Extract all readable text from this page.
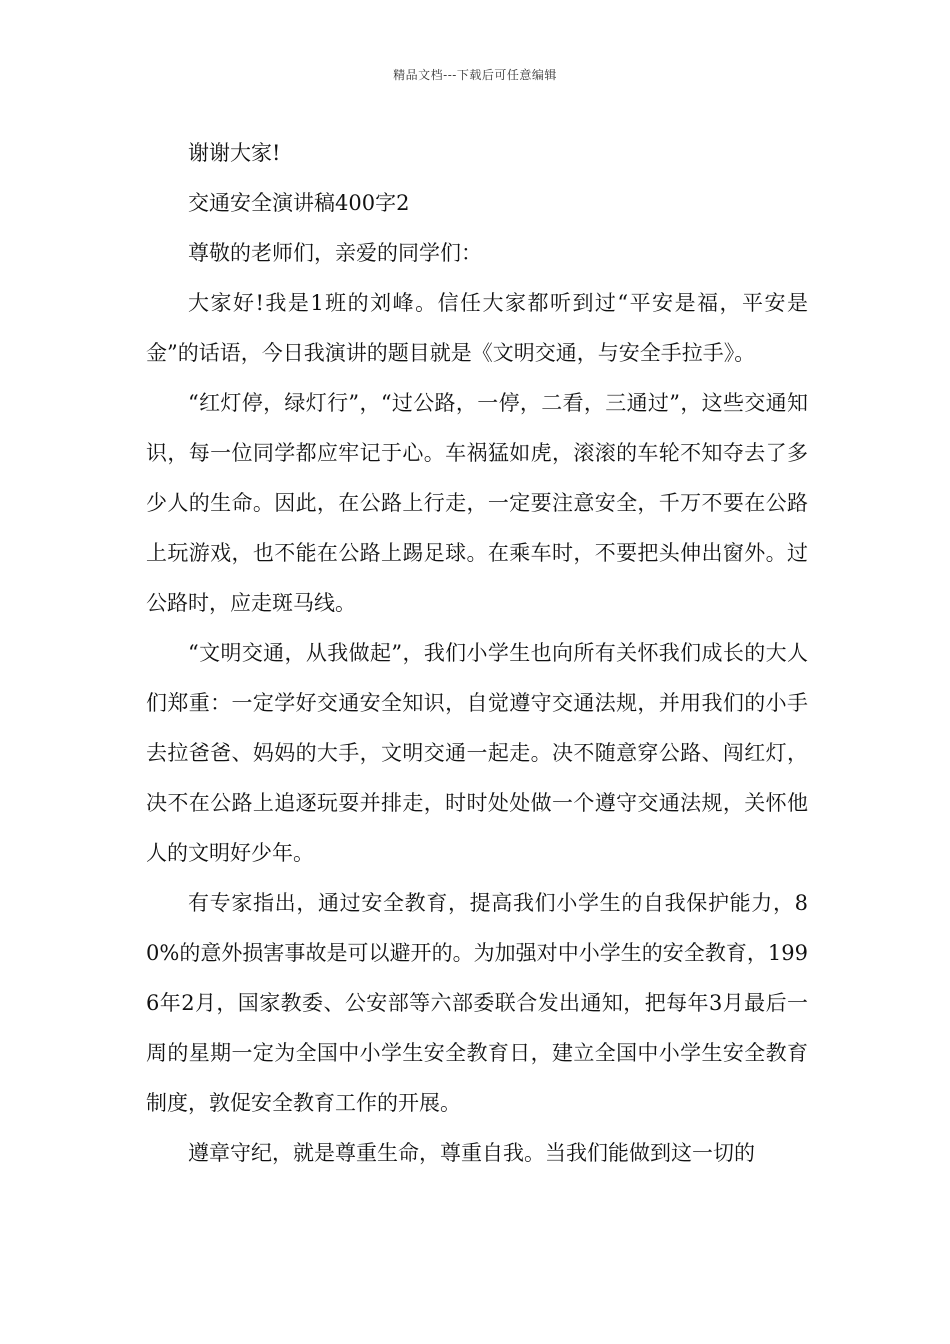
精品文档---下载后可任意编辑

谢谢大家!

交通安全演讲稿400字2

尊敬的老师们，亲爱的同学们：

大家好!我是1班的刘峰。信任大家都听到过“平安是福，平安是金”的话语，今日我演讲的题目就是《文明交通，与安全手拉手》。

“红灯停，绿灯行”，“过公路，一停，二看，三通过”，这些交通知识，每一位同学都应牢记于心。车祸猛如虎，滚滚的车轮不知夺去了多少人的生命。因此，在公路上行走，一定要注意安全，千万不要在公路上玩游戏，也不能在公路上踢足球。在乘车时，不要把头伸出窗外。过公路时，应走斑马线。

“文明交通，从我做起”，我们小学生也向所有关怀我们成长的大人们郑重：一定学好交通安全知识，自觉遵守交通法规，并用我们的小手去拉爸爸、妈妈的大手，文明交通一起走。决不随意穿公路、闯红灯，决不在公路上追逐玩耍并排走，时时处处做一个遵守交通法规，关怀他人的文明好少年。

有专家指出，通过安全教育，提高我们小学生的自我保护能力，80%的意外损害事故是可以避开的。为加强对中小学生的安全教育，1996年2月，国家教委、公安部等六部委联合发出通知，把每年3月最后一周的星期一定为全国中小学生安全教育日，建立全国中小学生安全教育制度，敦促安全教育工作的开展。

遵章守纪，就是尊重生命，尊重自我。当我们能做到这一切的
